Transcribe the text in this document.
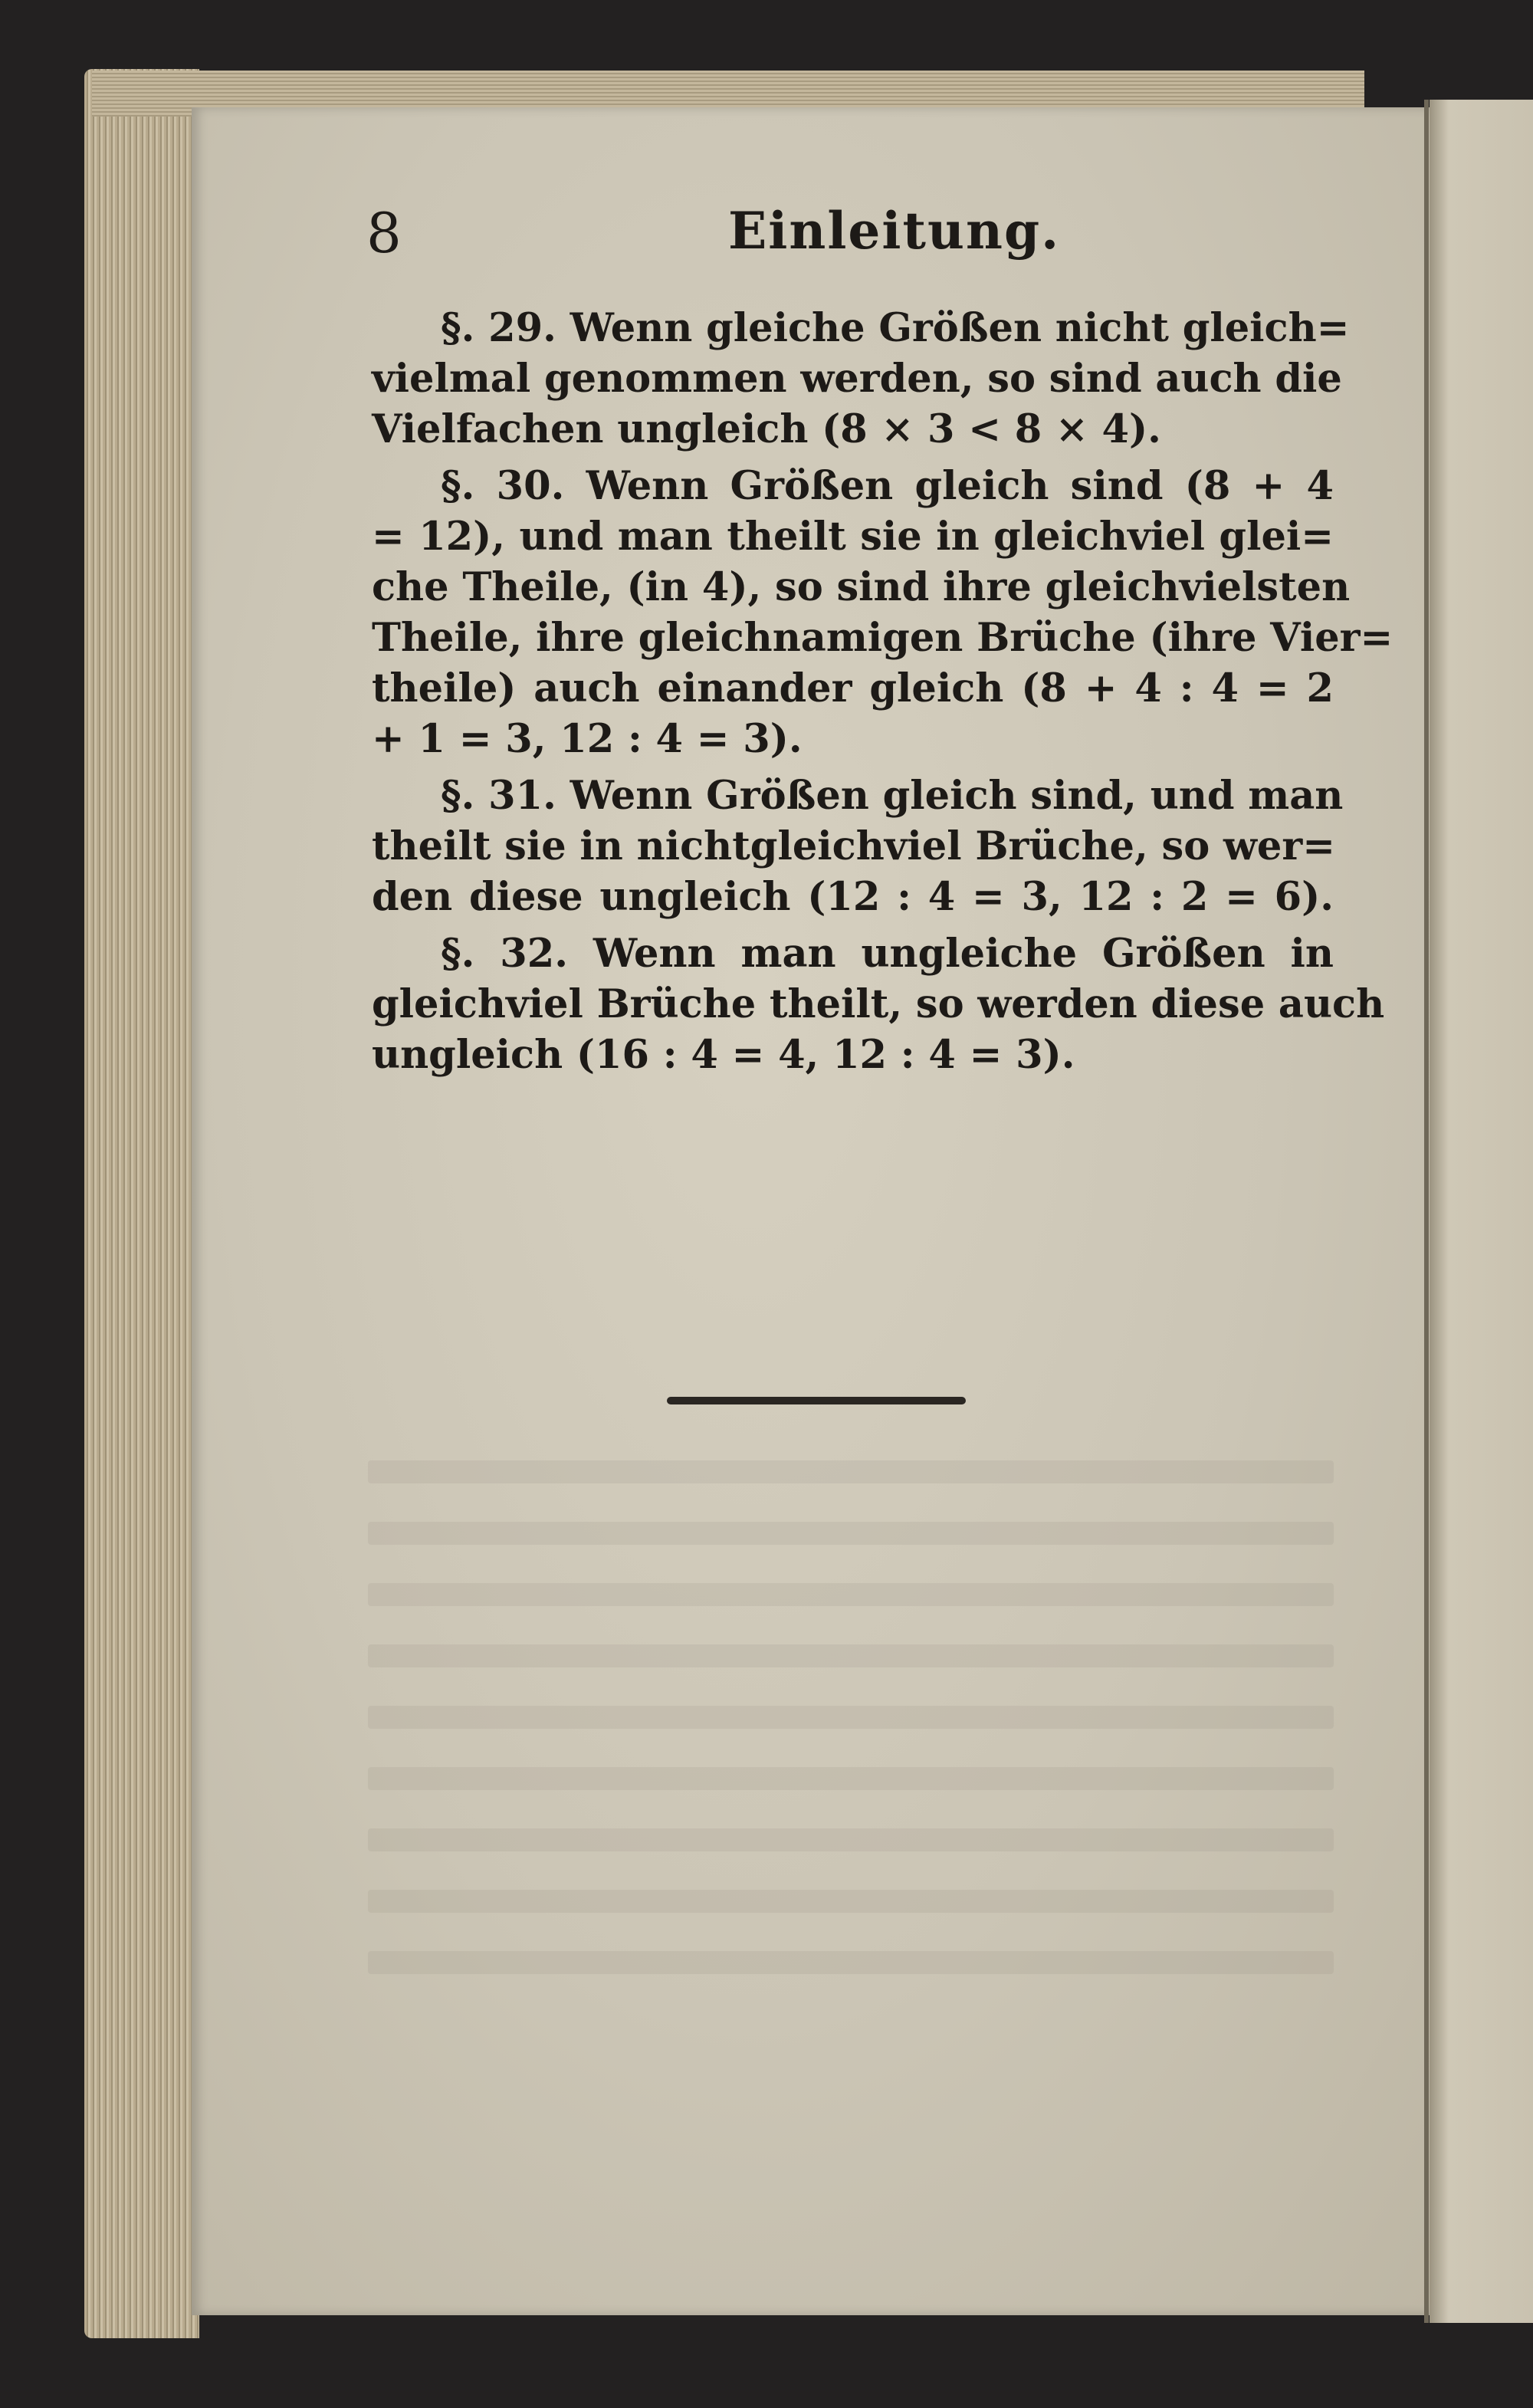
8	Einleitung.
§. 29. Wenn gleiche Größen nicht gleich=
vielmal genommen werden, so sind auch die
Vielfachen ungleich (8 × 3 < 8 × 4).
§. 30. Wenn Größen gleich sind (8 + 4
= 12), und man theilt sie in gleichviel glei=
che Theile, (in 4), so sind ihre gleichvielsten
Theile, ihre gleichnamigen Brüche (ihre Vier=
theile) auch einander gleich (8 + 4 : 4 = 2
+ 1 = 3, 12 : 4 = 3).
§. 31. Wenn Größen gleich sind, und man
theilt sie in nichtgleichviel Brüche, so wer=
den diese ungleich (12 : 4 = 3, 12 : 2 = 6).
§. 32. Wenn man ungleiche Größen in
gleichviel Brüche theilt, so werden diese auch
ungleich (16 : 4 = 4, 12 : 4 = 3).
